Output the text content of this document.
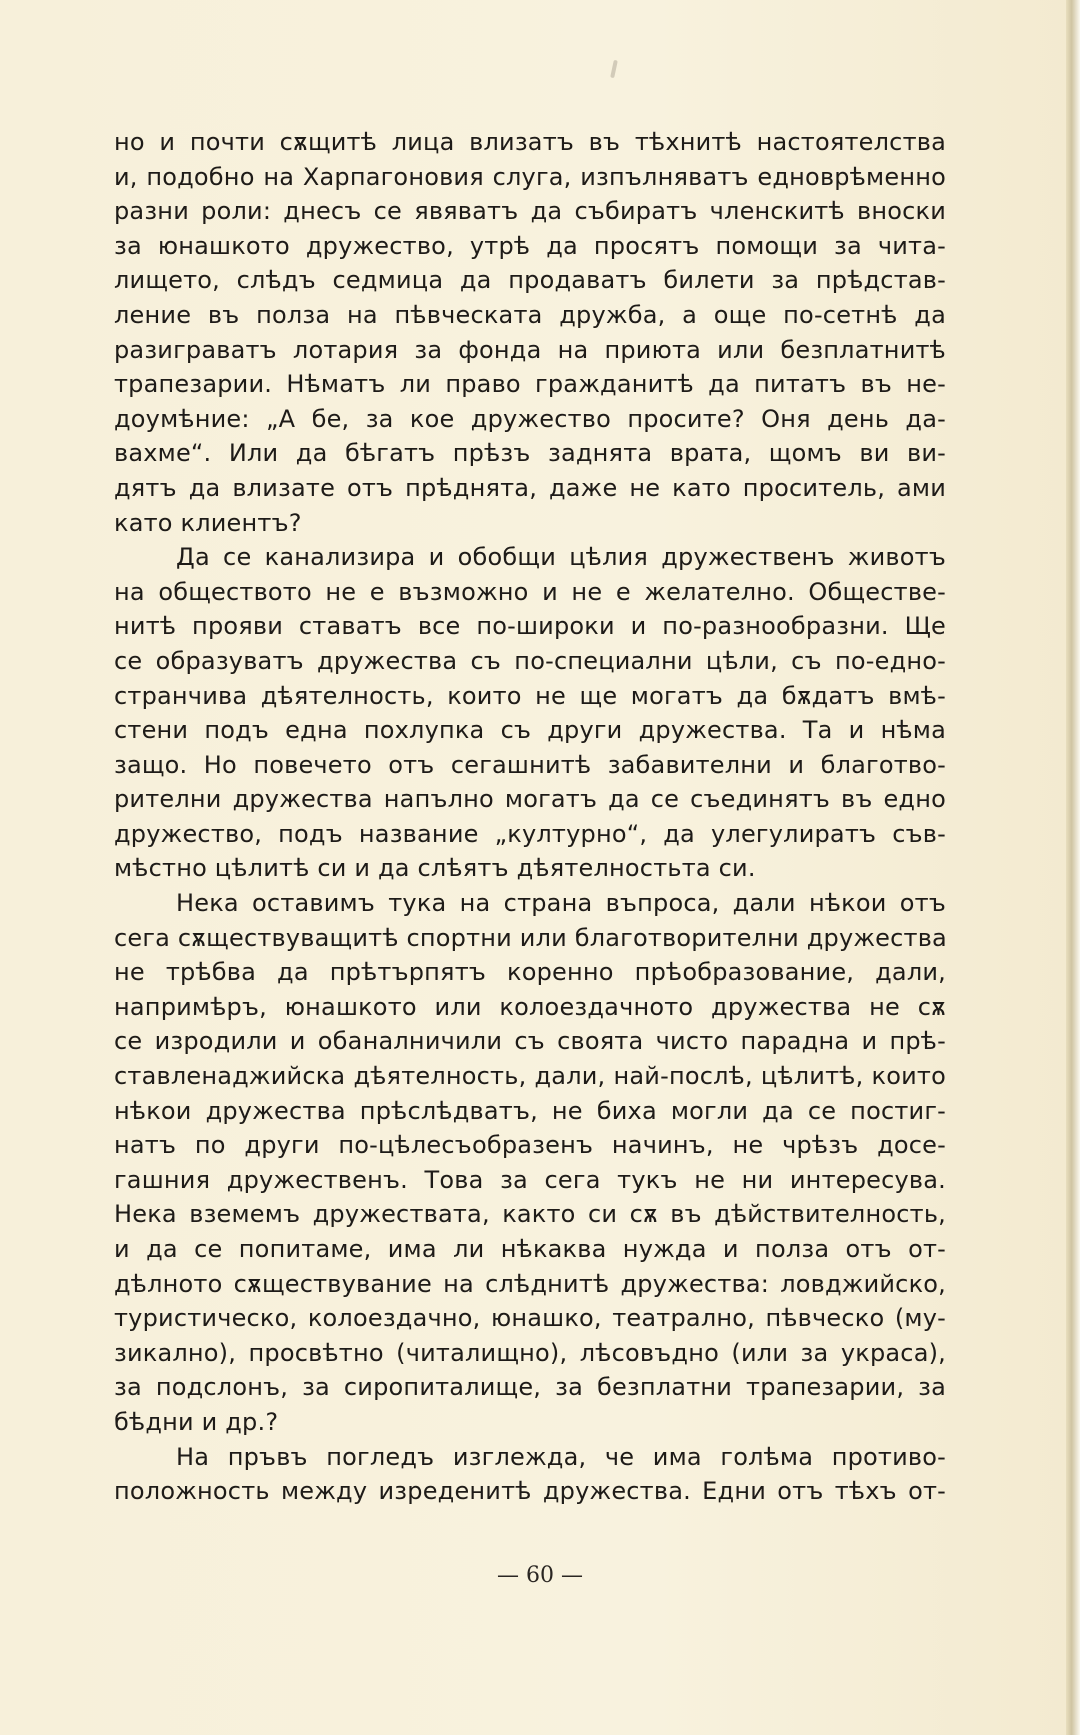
но и почти сѫщитѣ лица влизатъ въ тѣхнитѣ настоятелства
и, подобно на Харпагоновия слуга, изпълняватъ едновpѣменно
разни роли: днесъ се явяватъ да събиратъ членскитѣ вноски
за юнашкото дружество, утрѣ да просятъ помощи за чита-
лището, слѣдъ седмица да продаватъ билети за прѣдстав-
ление въ полза на пѣвческата дружба, а още по-сетнѣ да
разиграватъ лотария за фонда на приюта или безплатнитѣ
трапезарии. Нѣматъ ли право гражданитѣ да питатъ въ не-
доумѣние: „А бе, за кое дружество просите? Оня день да-
вахме“. Или да бѣгатъ прѣзъ заднята врата, щомъ ви ви-
дятъ да влизате отъ прѣднята, даже не като проситель, ами
като клиентъ?
Да се канализира и обобщи цѣлия дружественъ животъ
на обществото не е възможно и не е желателно. Обществе-
нитѣ прояви ставатъ все по-широки и по-разнообразни. Ще
се образуватъ дружества съ по-специални цѣли, съ по-едно-
странчива дѣятелность, които не ще могатъ да бѫдатъ вмѣ-
стени подъ една похлупка съ други дружества. Та и нѣма
защо. Но повечето отъ сегашнитѣ забавителни и благотво-
рителни дружества напълно могатъ да се съединятъ въ едно
дружество, подъ название „културно“, да улегулиратъ съв-
мѣстно цѣлитѣ си и да слѣятъ дѣятелностьта си.
Нека оставимъ тука на страна въпроса, дали нѣкои отъ
сега сѫществуващитѣ спортни или благотворителни дружества
не трѣбва да прѣтърпятъ коренно прѣобразование, дали,
напримѣръ, юнашкото или колоездачното дружества не сѫ
се изродили и обаналничили съ своята чисто парадна и прѣ-
ставленаджийска дѣятелность, дали, най-послѣ, цѣлитѣ, които
нѣкои дружества прѣслѣдватъ, не биха могли да се постиг-
натъ по други по-цѣлесъобразенъ начинъ, не чрѣзъ досе-
гашния дружественъ. Това за сега тукъ не ни интересува.
Нека вземемъ дружествата, както си сѫ въ дѣйствителность,
и да се попитаме, има ли нѣкаква нужда и полза отъ от-
дѣлното сѫществувание на слѣднитѣ дружества: ловджийско,
туристическо, колоездачно, юнашко, театрално, пѣвческо (му-
зикално), просвѣтно (читалищно), лѣсовъдно (или за украса),
за подслонъ, за сиропиталище, за безплатни трапезарии, за
бѣдни и др.?
На пръвъ погледъ изглежда, че има голѣма противо-
положность между изреденитѣ дружества. Едни отъ тѣхъ от-
— 60 —
